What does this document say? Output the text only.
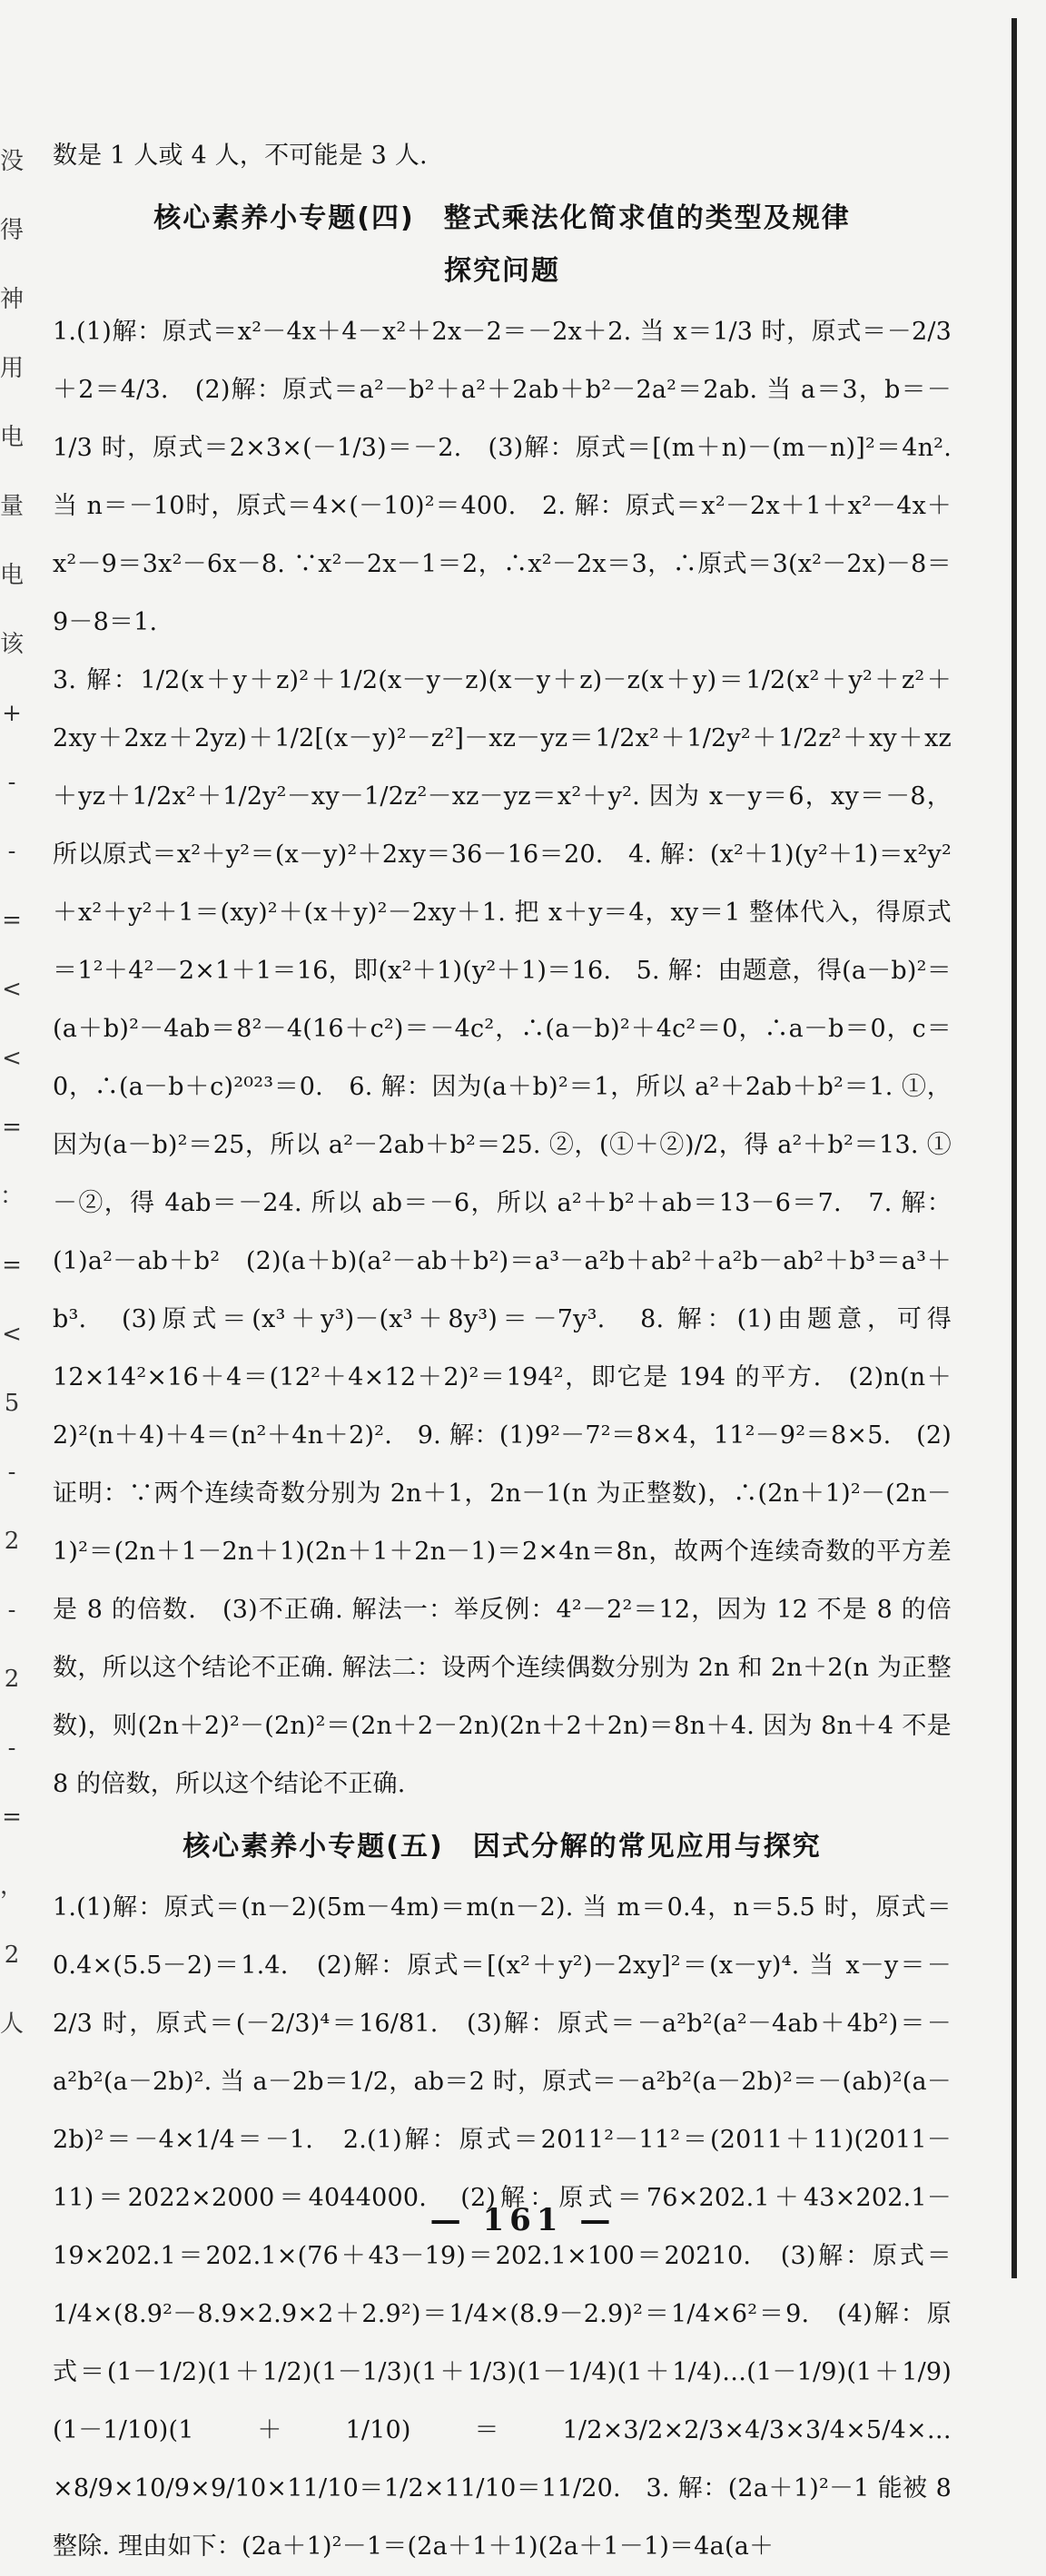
没
得
神
用
电
量
电
该
+
-
-
=
<
<
=
：
=
<
5
-
2
-
2
-
=
，
2
人

数是 1 人或 4 人，不可能是 3 人.

核心素养小专题(四)　整式乘法化简求值的类型及规律
探究问题

1.(1)解：原式＝x²－4x＋4－x²＋2x－2＝－2x＋2. 当 x＝1/3 时，原式＝－2/3＋2＝4/3.　(2)解：原式＝a²－b²＋a²＋2ab＋b²－2a²＝2ab. 当 a＝3，b＝－1/3 时，原式＝2×3×(－1/3)＝－2.　(3)解：原式＝[(m＋n)－(m－n)]²＝4n². 当 n＝－10时，原式＝4×(－10)²＝400.　2. 解：原式＝x²－2x＋1＋x²－4x＋x²－9＝3x²－6x－8. ∵x²－2x－1＝2，∴x²－2x＝3，∴原式＝3(x²－2x)－8＝9－8＝1.

3. 解：1/2(x＋y＋z)²＋1/2(x－y－z)(x－y＋z)－z(x＋y)＝1/2(x²＋y²＋z²＋2xy＋2xz＋2yz)＋1/2[(x－y)²－z²]－xz－yz＝1/2x²＋1/2y²＋1/2z²＋xy＋xz＋yz＋1/2x²＋1/2y²－xy－1/2z²－xz－yz＝x²＋y². 因为 x－y＝6，xy＝－8，所以原式＝x²＋y²＝(x－y)²＋2xy＝36－16＝20.　4. 解：(x²＋1)(y²＋1)＝x²y²＋x²＋y²＋1＝(xy)²＋(x＋y)²－2xy＋1. 把 x＋y＝4，xy＝1 整体代入，得原式＝1²＋4²－2×1＋1＝16，即(x²＋1)(y²＋1)＝16.　5. 解：由题意，得(a－b)²＝(a＋b)²－4ab＝8²－4(16＋c²)＝－4c²，∴(a－b)²＋4c²＝0，∴a－b＝0，c＝0，∴(a－b＋c)²⁰²³＝0.　6. 解：因为(a＋b)²＝1，所以 a²＋2ab＋b²＝1. ①，因为(a－b)²＝25，所以 a²－2ab＋b²＝25. ②，(①＋②)/2，得 a²＋b²＝13. ①－②，得 4ab＝－24. 所以 ab＝－6，所以 a²＋b²＋ab＝13－6＝7.　7. 解：(1)a²－ab＋b²　(2)(a＋b)(a²－ab＋b²)＝a³－a²b＋ab²＋a²b－ab²＋b³＝a³＋b³.　(3)原式＝(x³＋y³)－(x³＋8y³)＝－7y³.　8. 解：(1)由题意，可得 12×14²×16＋4＝(12²＋4×12＋2)²＝194²，即它是 194 的平方.　(2)n(n＋2)²(n＋4)＋4＝(n²＋4n＋2)².　9. 解：(1)9²－7²＝8×4，11²－9²＝8×5.　(2)证明：∵两个连续奇数分别为 2n＋1，2n－1(n 为正整数)，∴(2n＋1)²－(2n－1)²＝(2n＋1－2n＋1)(2n＋1＋2n－1)＝2×4n＝8n，故两个连续奇数的平方差是 8 的倍数.　(3)不正确. 解法一：举反例：4²－2²＝12，因为 12 不是 8 的倍数，所以这个结论不正确. 解法二：设两个连续偶数分别为 2n 和 2n＋2(n 为正整数)，则(2n＋2)²－(2n)²＝(2n＋2－2n)(2n＋2＋2n)＝8n＋4. 因为 8n＋4 不是 8 的倍数，所以这个结论不正确.

核心素养小专题(五)　因式分解的常见应用与探究

1.(1)解：原式＝(n－2)(5m－4m)＝m(n－2). 当 m＝0.4，n＝5.5 时，原式＝0.4×(5.5－2)＝1.4.　(2)解：原式＝[(x²＋y²)－2xy]²＝(x－y)⁴. 当 x－y＝－2/3 时，原式＝(－2/3)⁴＝16/81.　(3)解：原式＝－a²b²(a²－4ab＋4b²)＝－a²b²(a－2b)². 当 a－2b＝1/2，ab＝2 时，原式＝－a²b²(a－2b)²＝－(ab)²(a－2b)²＝－4×1/4＝－1.　2.(1)解：原式＝2011²－11²＝(2011＋11)(2011－11)＝2022×2000＝4044000.　(2)解：原式＝76×202.1＋43×202.1－19×202.1＝202.1×(76＋43－19)＝202.1×100＝20210.　(3)解：原式＝1/4×(8.9²－8.9×2.9×2＋2.9²)＝1/4×(8.9－2.9)²＝1/4×6²＝9.　(4)解：原式＝(1－1/2)(1＋1/2)(1－1/3)(1＋1/3)(1－1/4)(1＋1/4)…(1－1/9)(1＋1/9)(1－1/10)(1＋1/10)＝1/2×3/2×2/3×4/3×3/4×5/4×…×8/9×10/9×9/10×11/10＝1/2×11/10＝11/20.　3. 解：(2a＋1)²－1 能被 8 整除. 理由如下：(2a＋1)²－1＝(2a＋1＋1)(2a＋1－1)＝4a(a＋

— 161 —
